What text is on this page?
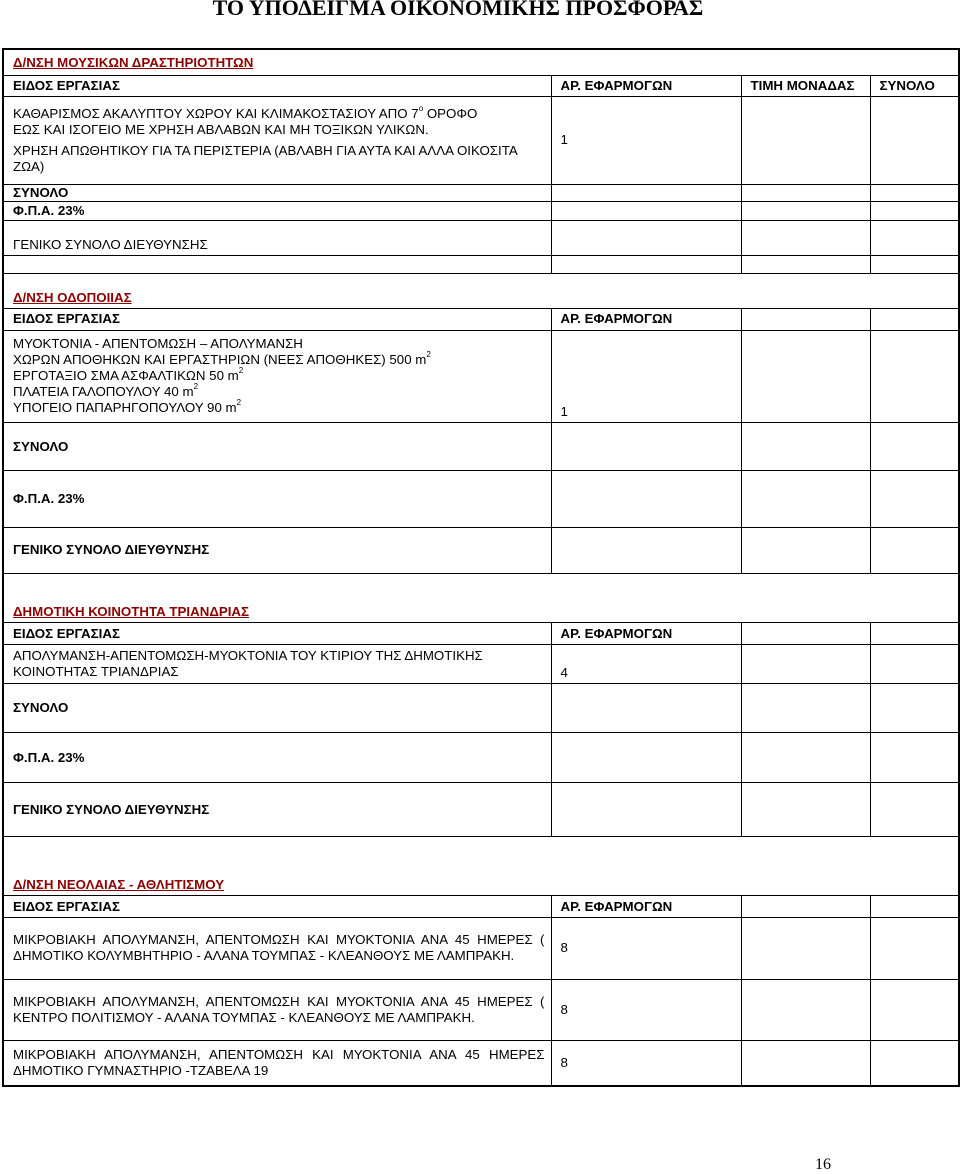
ΤΟ ΥΠΟΔΕΙΓΜΑ ΟΙΚΟΝΟΜΙΚΗΣ ΠΡΟΣΦΟΡΑΣ
Δ/ΝΣΗ ΜΟΥΣΙΚΩΝ ΔΡΑΣΤΗΡΙΟΤΗΤΩΝ			
ΕΙΔΟΣ ΕΡΓΑΣΙΑΣ	ΑΡ. ΕΦΑΡΜΟΓΩΝ	ΤΙΜΗ ΜΟΝΑΔΑΣ	ΣΥΝΟΛΟ

ΚΑΘΑΡΙΣΜΟΣ ΑΚΑΛΥΠΤΟΥ ΧΩΡΟΥ ΚΑΙ ΚΛΙΜΑΚΟΣΤΑΣΙΟΥ ΑΠΟ $7^o$ ΟΡΟΦΟ
ΕΩΣ ΚΑΙ ΙΣΟΓΕΙΟ ΜΕ ΧΡΗΣΗ ΑΒΛΑΒΩΝ ΚΑΙ ΜΗ ΤΟΞΙΚΩΝ ΥΛΙΚΩΝ.
ΧΡΗΣΗ ΑΠΩΘΗΤΙΚΟΥ ΓΙΑ ΤΑ ΠΕΡΙΣΤΕΡΙΑ (ΑΒΛΑΒΗ ΓΙΑ ΑΥΤΑ ΚΑΙ ΑΛΛΑ ΟΙΚΟΣΙΤΑ ΖΩΑ)	1		
ΣΥΝΟΛΟ			
Φ.Π.Α. 23%			
ΓΕΝΙΚΟ ΣΥΝΟΛΟ ΔΙΕΥΘΥΝΣΗΣ			

Δ/ΝΣΗ ΟΔΟΠΟΙΙΑΣ			
ΕΙΔΟΣ ΕΡΓΑΣΙΑΣ	ΑΡ. ΕΦΑΡΜΟΓΩΝ		

ΜΥΟΚΤΟΝΙΑ - ΑΠΕΝΤΟΜΩΣΗ – ΑΠΟΛΥΜΑΝΣΗ
ΧΩΡΩΝ ΑΠΟΘΗΚΩΝ ΚΑΙ ΕΡΓΑΣΤΗΡΙΩΝ (ΝΕΕΣ ΑΠΟΘΗΚΕΣ) 500 $m^2$
ΕΡΓΟΤΑΞΙΟ ΣΜΑ ΑΣΦΑΛΤΙΚΩΝ 50 $m^2$
ΠΛΑΤΕΙΑ ΓΑΛΟΠΟΥΛΟΥ 40 $m^2$
ΥΠΟΓΕΙΟ ΠΑΠΑΡΗΓΟΠΟΥΛΟΥ 90 $m^2$	1		
ΣΥΝΟΛΟ			
Φ.Π.Α. 23%			
ΓΕΝΙΚΟ ΣΥΝΟΛΟ ΔΙΕΥΘΥΝΣΗΣ			
ΔΗΜΟΤΙΚΗ ΚΟΙΝΟΤΗΤΑ ΤΡΙΑΝΔΡΙΑΣ			
ΕΙΔΟΣ ΕΡΓΑΣΙΑΣ	ΑΡ. ΕΦΑΡΜΟΓΩΝ		
ΑΠΟΛΥΜΑΝΣΗ-ΑΠΕΝΤΟΜΩΣΗ-ΜΥΟΚΤΟΝΙΑ ΤΟΥ ΚΤΙΡΙΟΥ ΤΗΣ ΔΗΜΟΤΙΚΗΣ ΚΟΙΝΟΤΗΤΑΣ ΤΡΙΑΝΔΡΙΑΣ	4		
ΣΥΝΟΛΟ			
Φ.Π.Α. 23%			
ΓΕΝΙΚΟ ΣΥΝΟΛΟ ΔΙΕΥΘΥΝΣΗΣ			
Δ/ΝΣΗ ΝΕΟΛΑΙΑΣ - ΑΘΛΗΤΙΣΜΟΥ			
ΕΙΔΟΣ ΕΡΓΑΣΙΑΣ	ΑΡ. ΕΦΑΡΜΟΓΩΝ		
ΜΙΚΡΟΒΙΑΚΗ ΑΠΟΛΥΜΑΝΣΗ, ΑΠΕΝΤΟΜΩΣΗ ΚΑΙ ΜΥΟΚΤΟΝΙΑ ΑΝΑ 45 ΗΜΕΡΕΣ ( ΔΗΜΟΤΙΚΟ ΚΟΛΥΜΒΗΤΗΡΙΟ - ΑΛΑΝΑ ΤΟΥΜΠΑΣ - ΚΛΕΑΝΘΟΥΣ ΜΕ ΛΑΜΠΡΑΚΗ.	8		
ΜΙΚΡΟΒΙΑΚΗ ΑΠΟΛΥΜΑΝΣΗ, ΑΠΕΝΤΟΜΩΣΗ ΚΑΙ ΜΥΟΚΤΟΝΙΑ ΑΝΑ 45 ΗΜΕΡΕΣ ( ΚΕΝΤΡΟ ΠΟΛΙΤΙΣΜΟΥ - ΑΛΑΝΑ ΤΟΥΜΠΑΣ - ΚΛΕΑΝΘΟΥΣ ΜΕ ΛΑΜΠΡΑΚΗ.	8		
ΜΙΚΡΟΒΙΑΚΗ ΑΠΟΛΥΜΑΝΣΗ, ΑΠΕΝΤΟΜΩΣΗ ΚΑΙ ΜΥΟΚΤΟΝΙΑ ΑΝΑ 45 ΗΜΕΡΕΣ ΔΗΜΟΤΙΚΟ ΓΥΜΝΑΣΤΗΡΙΟ -ΤΖΑΒΕΛΑ 19	8		
16
